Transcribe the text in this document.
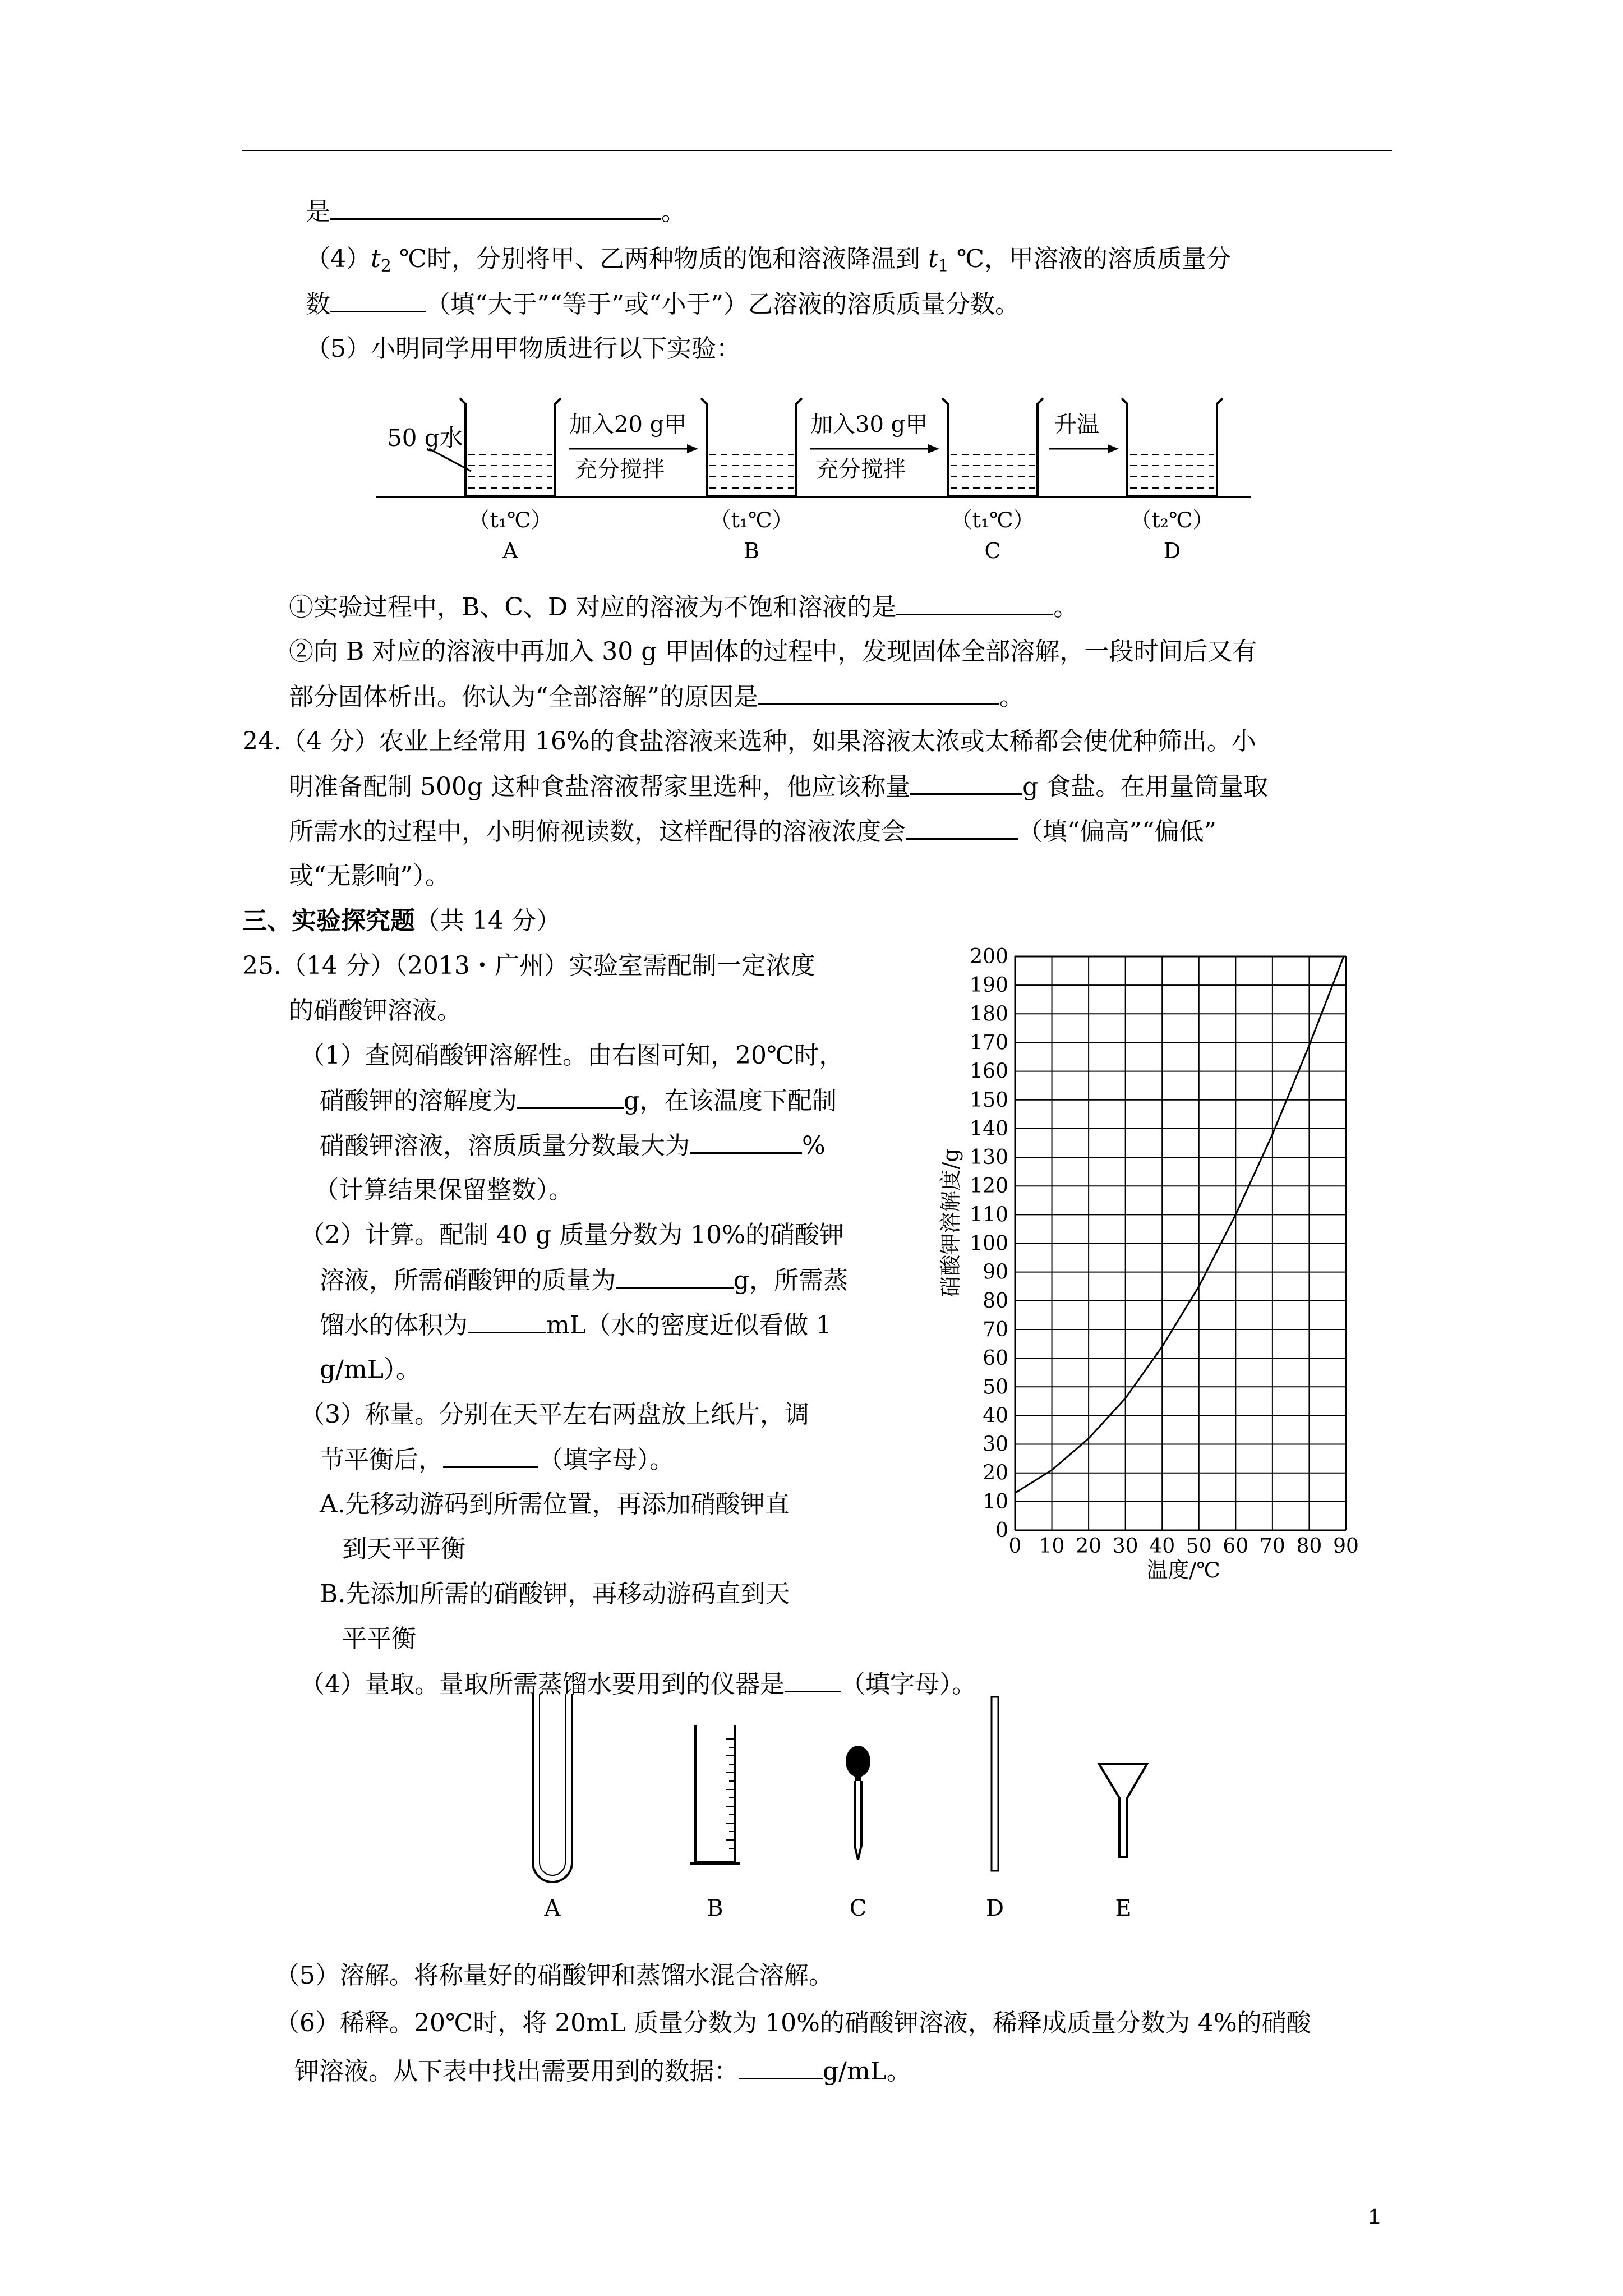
是	。
$(4)t_2$ ℃时，分别将甲、乙两种物质的饱和溶液降温到 $t_1$ ℃，甲溶液的溶质质量分
数	（填“大于”“等于”或“小于”）乙溶液的溶质质量分数。
（5）小明同学用甲物质进行以下实验：
50 g水	加入20 g甲
充分搅拌
加入30 g甲
充分搅拌
升温
（t₁℃）	（t₁℃）	（t₁℃）	（t₂℃）
A	B	C	D
①实验过程中，B、C、D 对应的溶液为不饱和溶液的是	。
②向 B 对应的溶液中再加入 30 g 甲固体的过程中，发现固体全部溶解，一段时间后又有
部分固体析出。你认为“全部溶解”的原因是	。
24.（4 分）农业上经常用 16%的食盐溶液来选种，如果溶液太浓或太稀都会使优种筛出。小
明准备配制 500g 这种食盐溶液帮家里选种，他应该称量	g 食盐。在用量筒量取
所需水的过程中，小明俯视读数，这样配得的溶液浓度会	（填“偏高”“偏低”
或“无影响”）。
三、实验探究题（共 14 分）
25.（14 分）（2013・广州）实验室需配制一定浓度
的硝酸钾溶液。
（1）查阅硝酸钾溶解性。由右图可知，20℃时，
硝酸钾的溶解度为	g，在该温度下配制
硝酸钾溶液，溶质质量分数最大为	%
（计算结果保留整数）。
（2）计算。配制 40 g 质量分数为 10%的硝酸钾
溶液，所需硝酸钾的质量为	g，所需蒸
馏水的体积为	mL（水的密度近似看做 1
g/mL）。
（3）称量。分别在天平左右两盘放上纸片，调
节平衡后，	（填字母）。
A.先移动游码到所需位置，再添加硝酸钾直
到天平平衡
B.先添加所需的硝酸钾，再移动游码直到天
平平衡
（4）量取。量取所需蒸馏水要用到的仪器是 （填字母）。
0
10
20
30
40
50
60
70
80
90
100
110
120
130
140
150
160
170
180
190
200
0 10 20 30 40 50 60 70 80 90
硝酸钾溶解度/g
温度/℃
A	B	C	D	E
（5）溶解。将称量好的硝酸钾和蒸馏水混合溶解。
（6）稀释。20℃时，将 20mL 质量分数为 10%的硝酸钾溶液，稀释成质量分数为 4%的硝酸
钾溶液。从下表中找出需要用到的数据：	g/mL。
1
